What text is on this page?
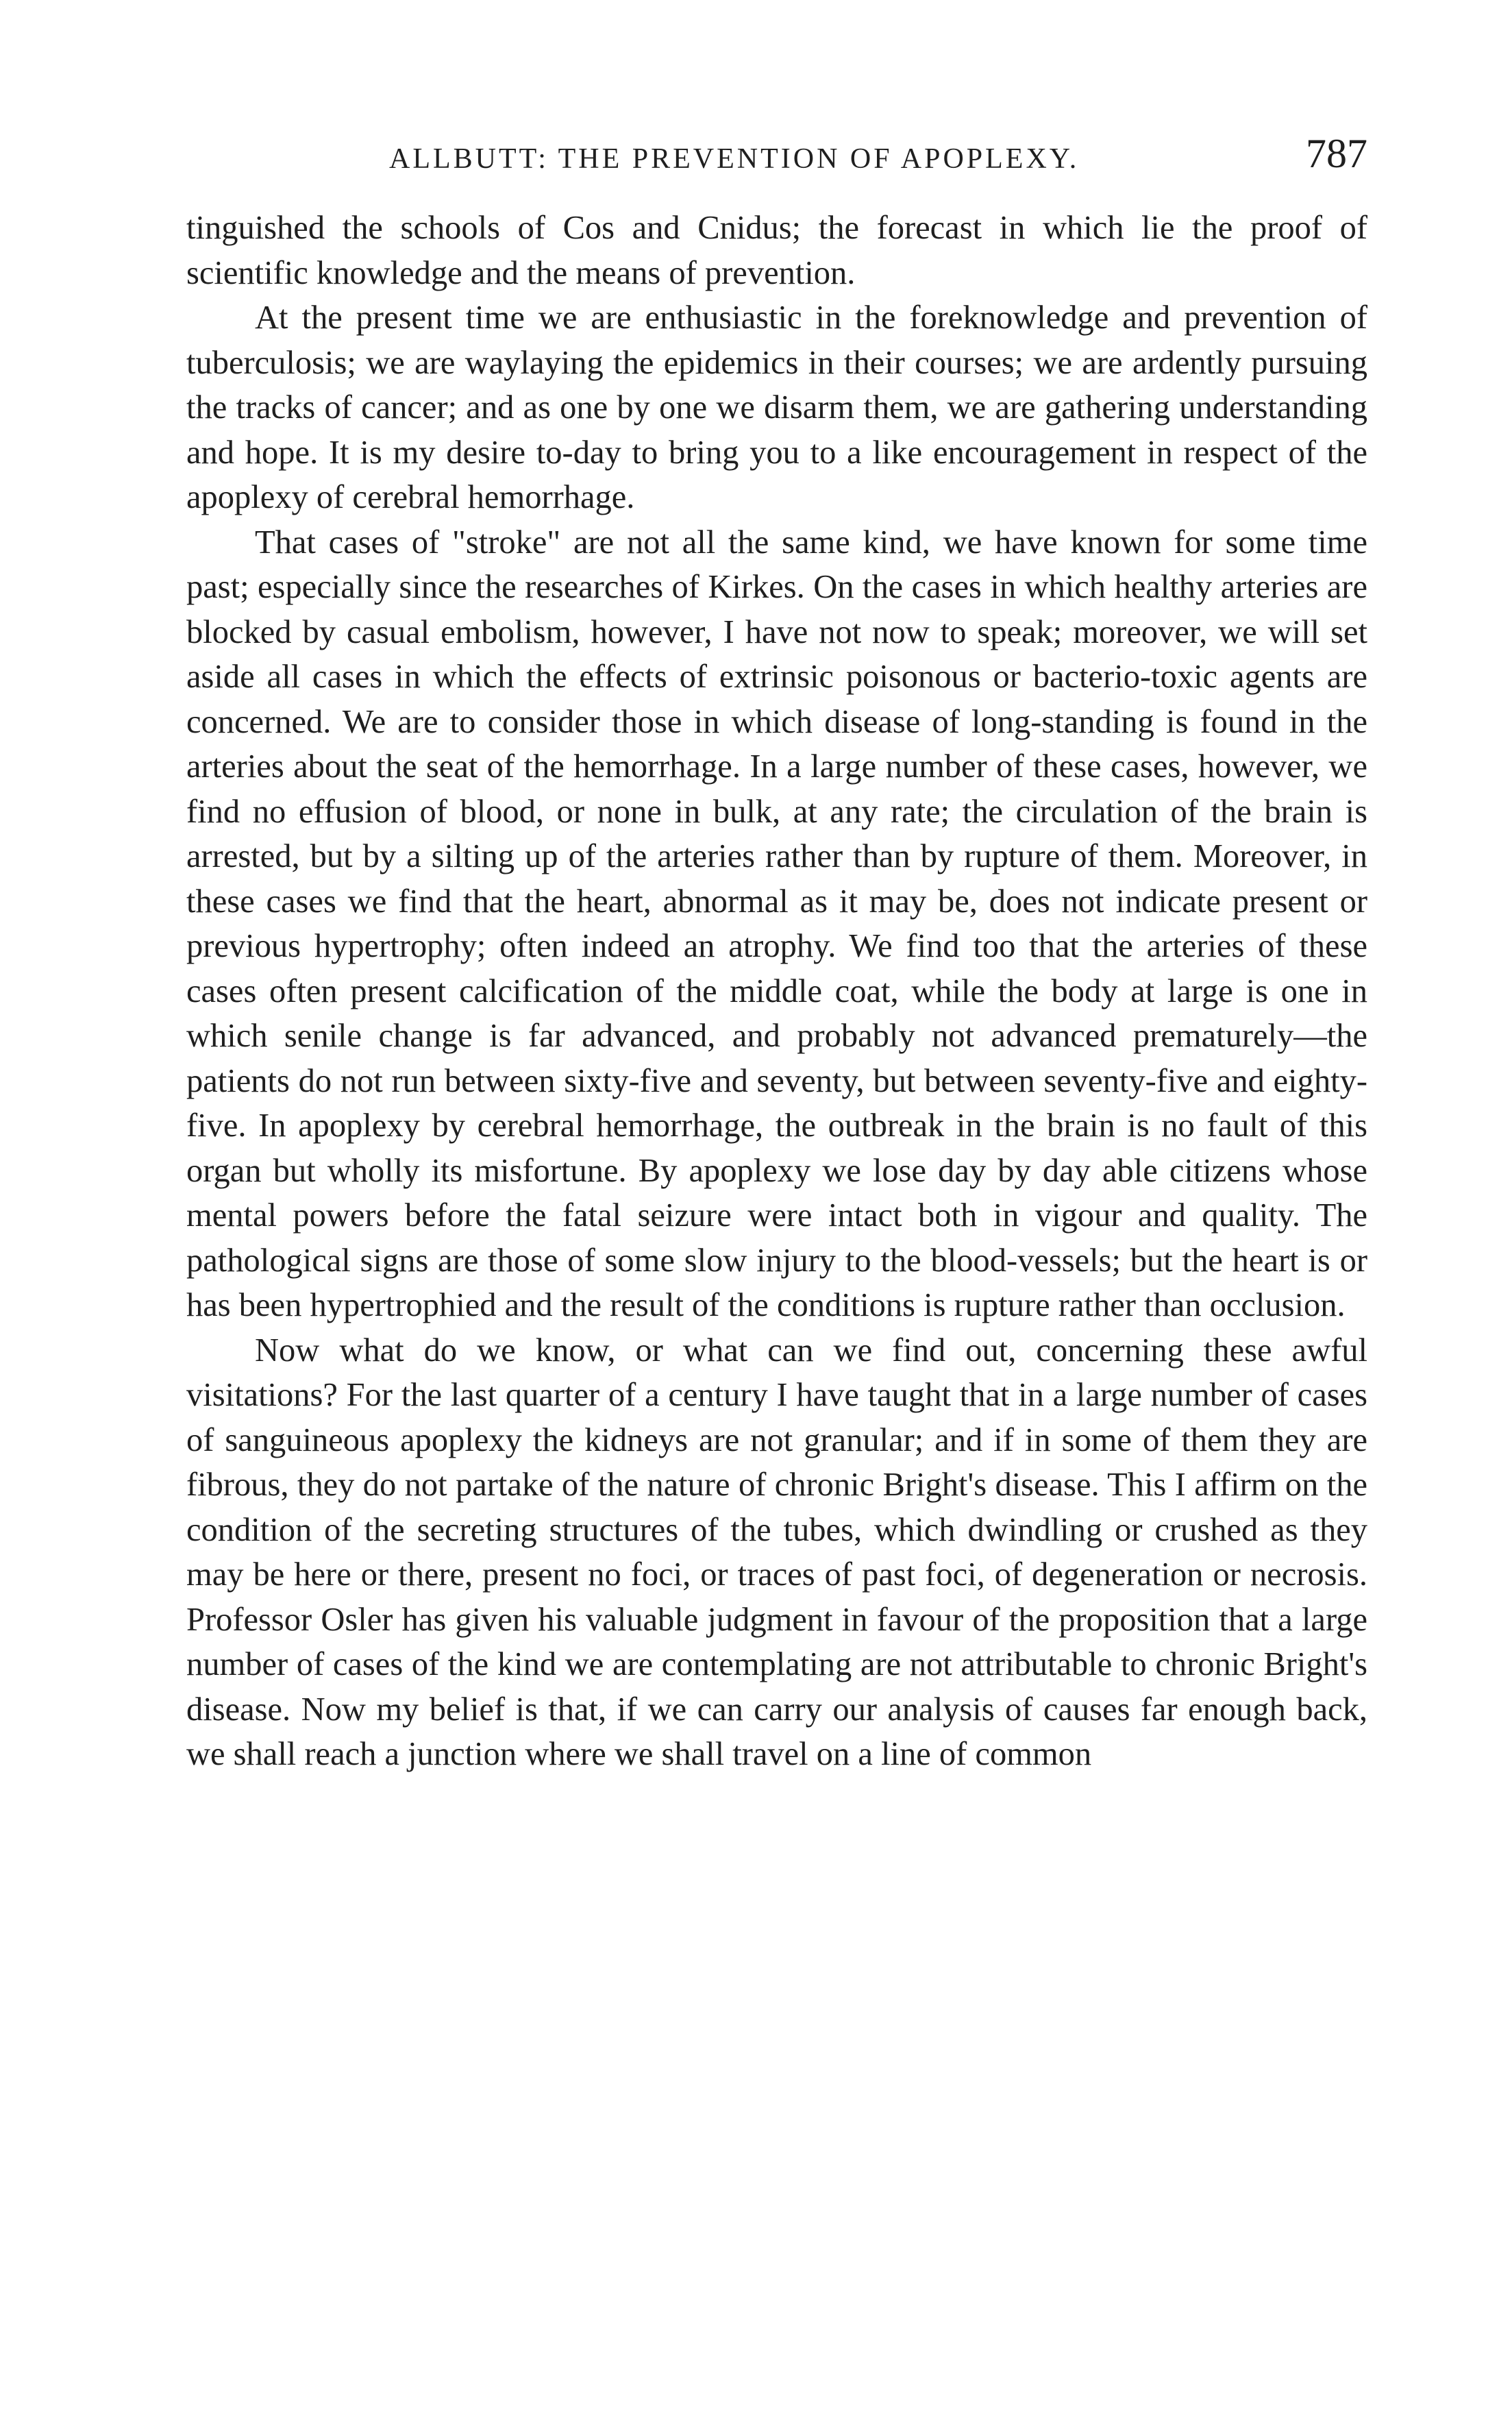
ALLBUTT: THE PREVENTION OF APOPLEXY.	787

tinguished the schools of Cos and Cnidus; the forecast in which lie the proof of scientific knowledge and the means of prevention.

At the present time we are enthusiastic in the foreknowledge and prevention of tuberculosis; we are waylaying the epidemics in their courses; we are ardently pursuing the tracks of cancer; and as one by one we disarm them, we are gathering understanding and hope. It is my desire to-day to bring you to a like encouragement in respect of the apoplexy of cerebral hemorrhage.

That cases of "stroke" are not all the same kind, we have known for some time past; especially since the researches of Kirkes. On the cases in which healthy arteries are blocked by casual embolism, however, I have not now to speak; moreover, we will set aside all cases in which the effects of extrinsic poisonous or bacterio-toxic agents are concerned. We are to consider those in which disease of long-standing is found in the arteries about the seat of the hemorrhage. In a large number of these cases, however, we find no effusion of blood, or none in bulk, at any rate; the circulation of the brain is arrested, but by a silting up of the arteries rather than by rupture of them. Moreover, in these cases we find that the heart, abnormal as it may be, does not indicate present or previous hypertrophy; often indeed an atrophy. We find too that the arteries of these cases often present calcification of the middle coat, while the body at large is one in which senile change is far advanced, and probably not advanced prematurely—the patients do not run between sixty-five and seventy, but between seventy-five and eighty-five. In apoplexy by cerebral hemorrhage, the outbreak in the brain is no fault of this organ but wholly its misfortune. By apoplexy we lose day by day able citizens whose mental powers before the fatal seizure were intact both in vigour and quality. The pathological signs are those of some slow injury to the blood-vessels; but the heart is or has been hypertrophied and the result of the conditions is rupture rather than occlusion.

Now what do we know, or what can we find out, concerning these awful visitations? For the last quarter of a century I have taught that in a large number of cases of sanguineous apoplexy the kidneys are not granular; and if in some of them they are fibrous, they do not partake of the nature of chronic Bright's disease. This I affirm on the condition of the secreting structures of the tubes, which dwindling or crushed as they may be here or there, present no foci, or traces of past foci, of degeneration or necrosis. Professor Osler has given his valuable judgment in favour of the proposition that a large number of cases of the kind we are contemplating are not attributable to chronic Bright's disease. Now my belief is that, if we can carry our analysis of causes far enough back, we shall reach a junction where we shall travel on a line of common
